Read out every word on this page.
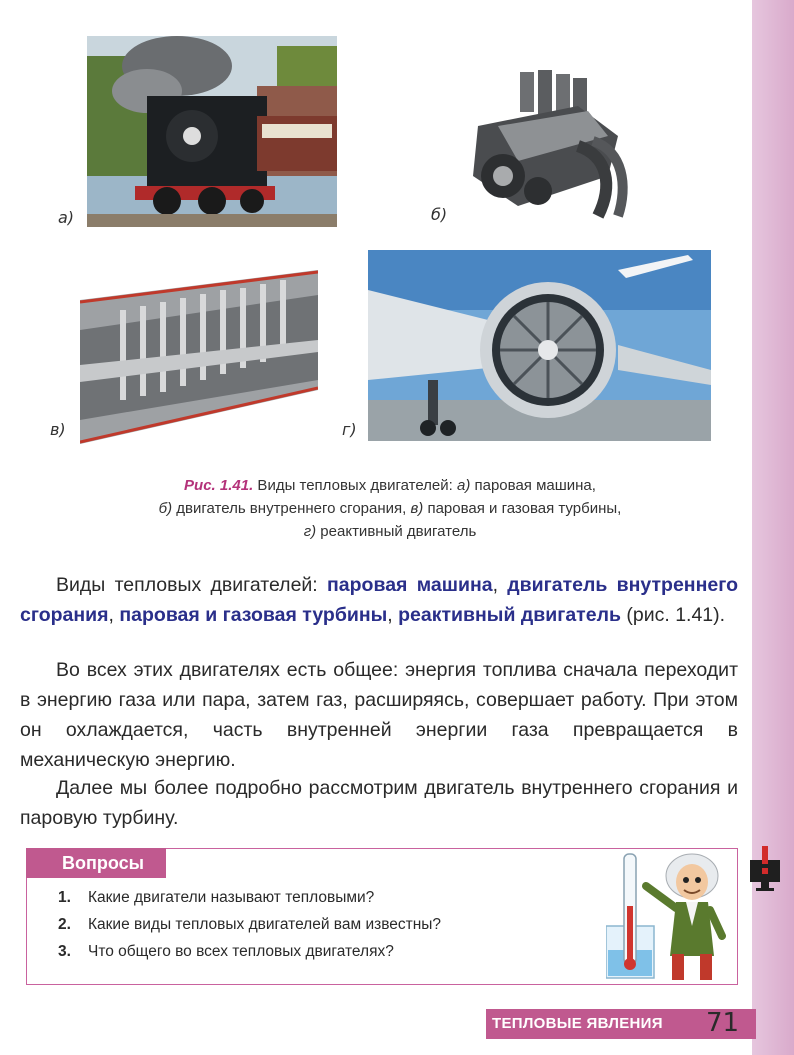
а)	б)
в)	г)
Рис. 1.41. Виды тепловых двигателей: а) паровая машина,
б) двигатель внутреннего сгорания, в) паровая и газовая турбины,
г) реактивный двигатель
Виды тепловых двигателей: паровая машина, двигатель внутреннего сгорания, паровая и газовая турбины, реактивный двигатель (рис. 1.41).
Во всех этих двигателях есть общее: энергия топлива сначала переходит в энергию газа или пара, затем газ, расширяясь, совершает работу. При этом он охлаждается, часть внутренней энергии газа превращается в механическую энергию.
Далее мы более подробно рассмотрим двигатель внутреннего сгорания и паровую турбину.
Вопросы
1. Какие двигатели называют тепловыми?
2. Какие виды тепловых двигателей вам известны?
3. Что общего во всех тепловых двигателях?
ТЕПЛОВЫЕ ЯВЛЕНИЯ 71
